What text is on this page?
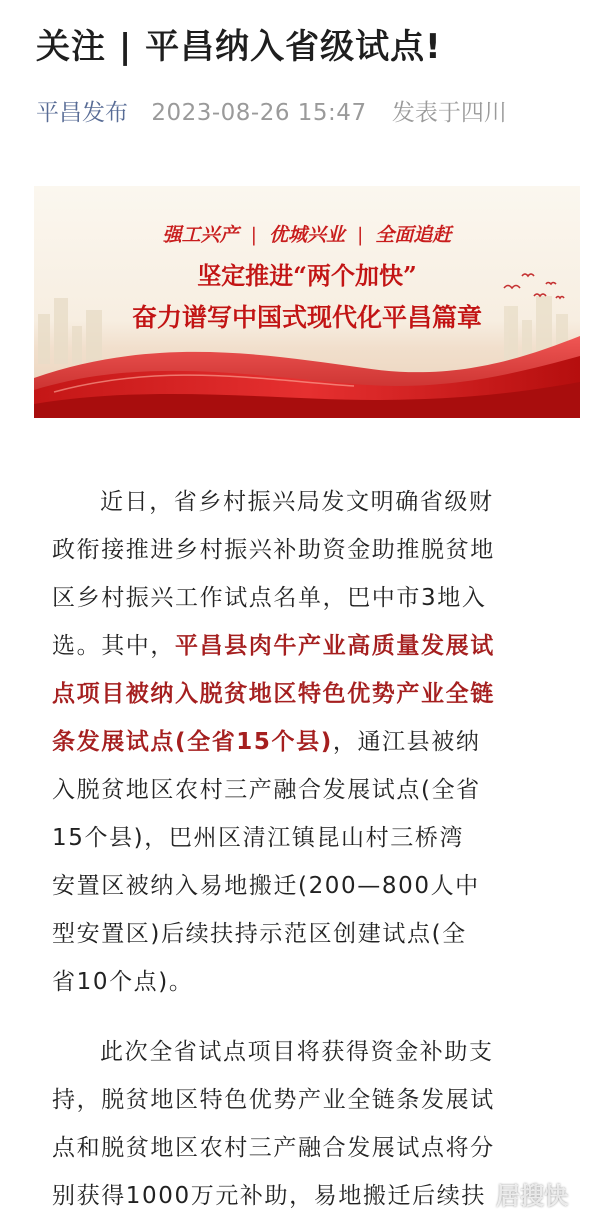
关注 | 平昌纳入省级试点!
平昌发布 2023-08-26 15:47 发表于四川
强工兴产 | 优城兴业 | 全面追赶
坚定推进“两个加快”
奋力谱写中国式现代化平昌篇章
近日，省乡村振兴局发文明确省级财
政衔接推进乡村振兴补助资金助推脱贫地
区乡村振兴工作试点名单，巴中市3地入
选。其中，平昌县肉牛产业高质量发展试
点项目被纳入脱贫地区特色优势产业全链
条发展试点(全省15个县)，通江县被纳
入脱贫地区农村三产融合发展试点(全省
15个县)，巴州区清江镇昆山村三桥湾
安置区被纳入易地搬迁(200—800人中
型安置区)后续扶持示范区创建试点(全
省10个点)。
此次全省试点项目将获得资金补助支
持，脱贫地区特色优势产业全链条发展试
点和脱贫地区农村三产融合发展试点将分
别获得1000万元补助，易地搬迁后续扶 居搜快
